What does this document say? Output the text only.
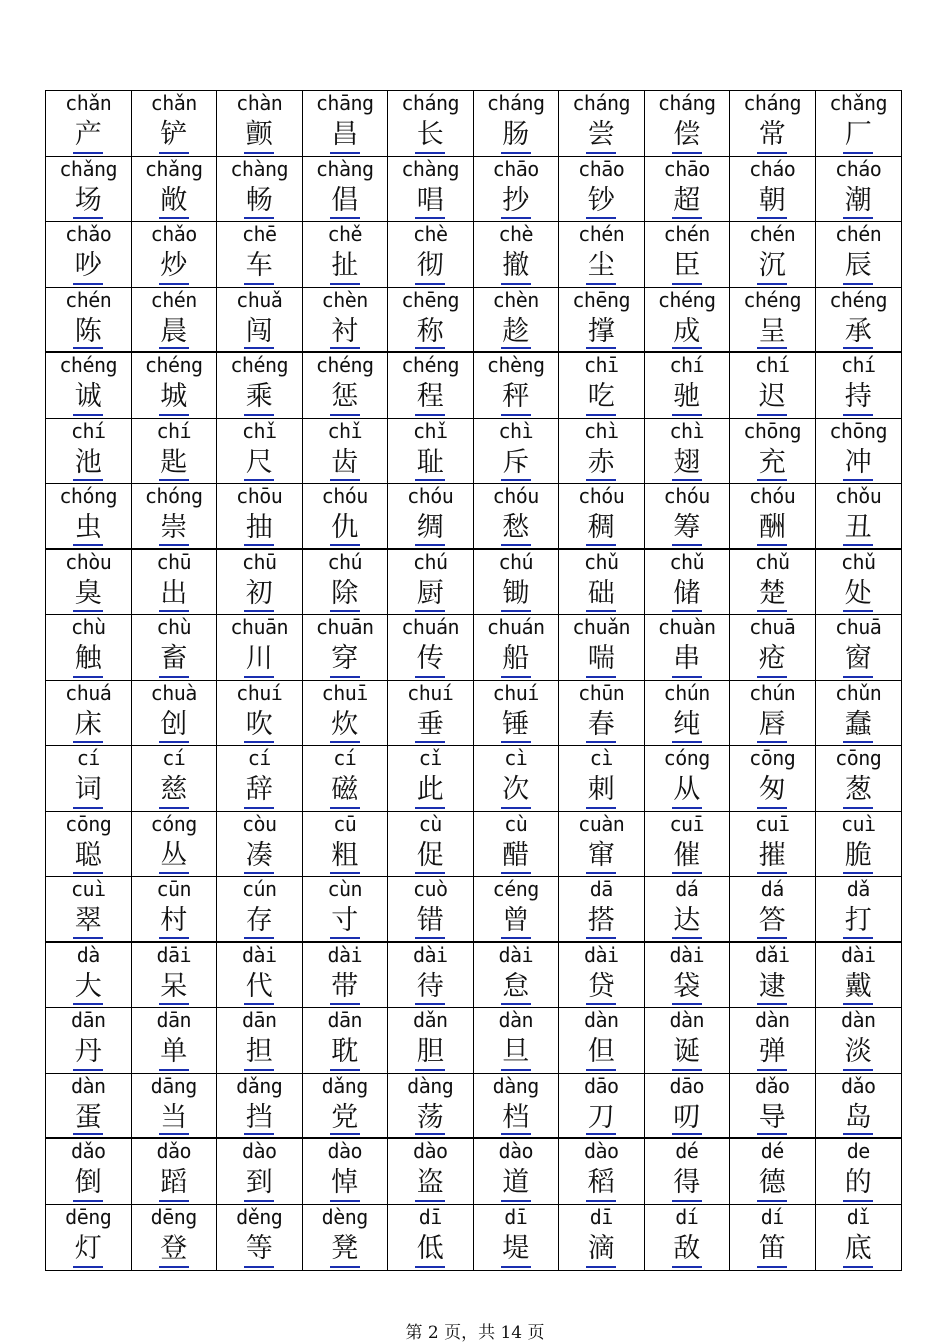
chǎn
产
chǎn
铲
chàn
颤
chāng
昌
cháng
长
cháng
肠
cháng
尝
cháng
偿
cháng
常
chǎng
厂
chǎng
场
chǎng
敞
chàng
畅
chàng
倡
chàng
唱
chāo
抄
chāo
钞
chāo
超
cháo
朝
cháo
潮
chǎo
吵
chǎo
炒
chē
车
chě
扯
chè
彻
chè
撤
chén
尘
chén
臣
chén
沉
chén
辰
chén
陈
chén
晨
chuǎ
闯
chèn
衬
chēng
称
chèn
趁
chēng
撑
chéng
成
chéng
呈
chéng
承
chéng
诚
chéng
城
chéng
乘
chéng
惩
chéng
程
chèng
秤
chī
吃
chí
驰
chí
迟
chí
持
chí
池
chí
匙
chǐ
尺
chǐ
齿
chǐ
耻
chì
斥
chì
赤
chì
翅
chōng
充
chōng
冲
chóng
虫
chóng
崇
chōu
抽
chóu
仇
chóu
绸
chóu
愁
chóu
稠
chóu
筹
chóu
酬
chǒu
丑
chòu
臭
chū
出
chū
初
chú
除
chú
厨
chú
锄
chǔ
础
chǔ
储
chǔ
楚
chǔ
处
chù
触
chù
畜
chuān
川
chuān
穿
chuán
传
chuán
船
chuǎn
喘
chuàn
串
chuā
疮
chuā
窗
chuá
床
chuà
创
chuí
吹
chuī
炊
chuí
垂
chuí
锤
chūn
春
chún
纯
chún
唇
chǔn
蠢
cí
词
cí
慈
cí
辞
cí
磁
cǐ
此
cì
次
cì
刺
cóng
从
cōng
匆
cōng
葱
cōng
聪
cóng
丛
còu
凑
cū
粗
cù
促
cù
醋
cuàn
窜
cuī
催
cuī
摧
cuì
脆
cuì
翠
cūn
村
cún
存
cùn
寸
cuò
错
céng
曾
dā
搭
dá
达
dá
答
dǎ
打
dà
大
dāi
呆
dài
代
dài
带
dài
待
dài
怠
dài
贷
dài
袋
dǎi
逮
dài
戴
dān
丹
dān
单
dān
担
dān
耽
dǎn
胆
dàn
旦
dàn
但
dàn
诞
dàn
弹
dàn
淡
dàn
蛋
dāng
当
dǎng
挡
dǎng
党
dàng
荡
dàng
档
dāo
刀
dāo
叨
dǎo
导
dǎo
岛
dǎo
倒
dǎo
蹈
dào
到
dào
悼
dào
盗
dào
道
dào
稻
dé
得
dé
德
de
的
dēng
灯
dēng
登
děng
等
dèng
凳
dī
低
dī
堤
dī
滴
dí
敌
dí
笛
dǐ
底
第 2 页，共 14 页
